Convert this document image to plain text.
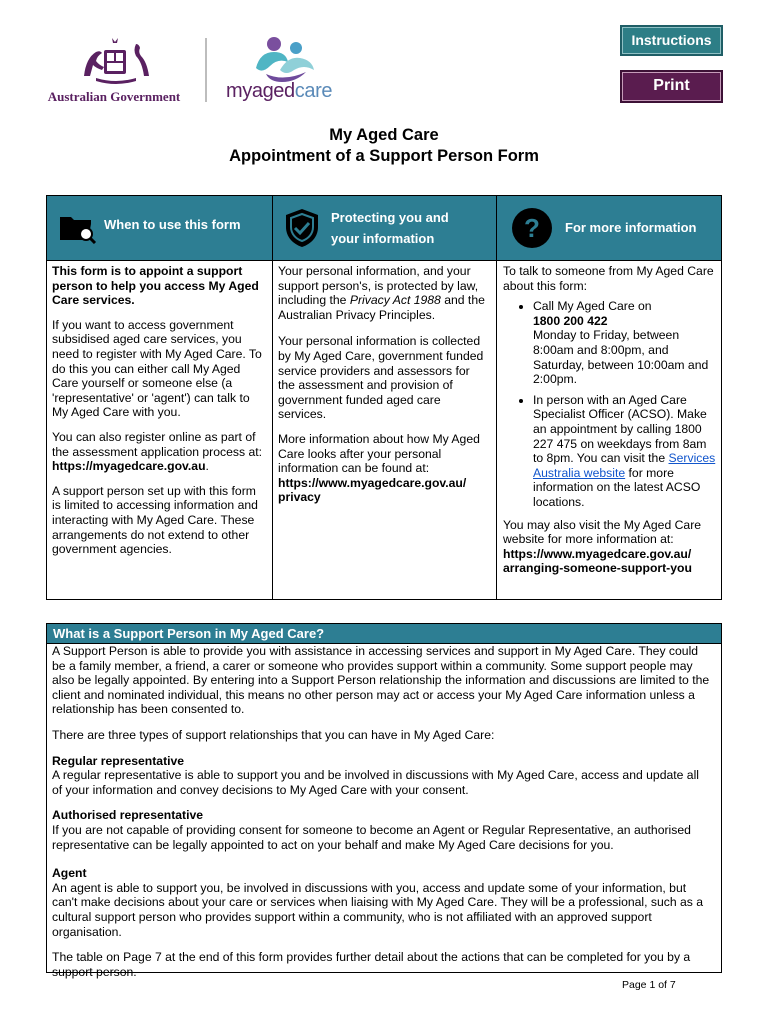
Australian Government myagedcare
Instructions
Print
My Aged Care
Appointment of a Support Person Form
When to use this form	Protecting you and
your information	? For more information

This form is to appoint a support person to help you access My Aged Care services.

If you want to access government subsidised aged care services, you need to register with My Aged Care. To do this you can either call My Aged Care yourself or someone else (a 'representative' or 'agent') can talk to My Aged Care with you.

You can also register online as part of the assessment application process at: https://myagedcare.gov.au.

A support person set up with this form is limited to accessing information and interacting with My Aged Care. These arrangements do not extend to other government agencies.

Your personal information, and your support person's, is protected by law, including the Privacy Act 1988 and the Australian Privacy Principles.

Your personal information is collected by My Aged Care, government funded service providers and assessors for the assessment and provision of government funded aged care services.

More information about how My Aged Care looks after your personal information can be found at:
https://www.myagedcare.gov.au/ privacy

To talk to someone from My Aged Care about this form:

• Call My Aged Care on
1800 200 422
Monday to Friday, between 8:00am and 8:00pm, and Saturday, between 10:00am and 2:00pm.
• In person with an Aged Care Specialist Officer (ACSO). Make an appointment by calling 1800 227 475 on weekdays from 8am to 8pm. You can visit the Services Australia website for more information on the latest ACSO locations.

You may also visit the My Aged Care website for more information at:

https://www.myagedcare.gov.au/ arranging-someone-support-you

What is a Support Person in My Aged Care?

A Support Person is able to provide you with assistance in accessing services and support in My Aged Care. They could be a family member, a friend, a carer or someone who provides support within a community. Some support people may also be legally appointed. By entering into a Support Person relationship the information and discussions are limited to the client and nominated individual, this means no other person may act or access your My Aged Care information unless a relationship has been consented to.

There are three types of support relationships that you can have in My Aged Care:

Regular representative

A regular representative is able to support you and be involved in discussions with My Aged Care, access and update all of your information and convey decisions to My Aged Care with your consent.

Authorised representative

If you are not capable of providing consent for someone to become an Agent or Regular Representative, an authorised representative can be legally appointed to act on your behalf and make My Aged Care decisions for you.

Agent

An agent is able to support you, be involved in discussions with you, access and update some of your information, but can't make decisions about your care or services when liaising with My Aged Care. They will be a professional, such as a cultural support person who provides support within a community, who is not affiliated with an approved support organisation.

The table on Page 7 at the end of this form provides further detail about the actions that can be completed for you by a support person.

Page 1 of 7
